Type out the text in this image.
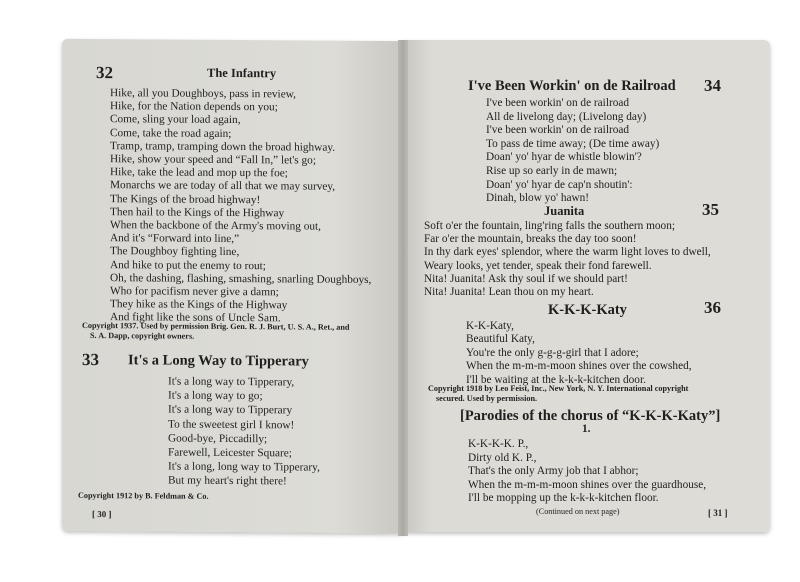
32	The Infantry
Hike, all you Doughboys, pass in review,
Hike, for the Nation depends on you;
Come, sling your load again,
Come, take the road again;
Tramp, tramp, tramping down the broad highway.
Hike, show your speed and “Fall In,” let's go;
Hike, take the lead and mop up the foe;
Monarchs we are today of all that we may survey,
The Kings of the broad highway!
Then hail to the Kings of the Highway
When the backbone of the Army's moving out,
And it's “Forward into line,”
The Doughboy fighting line,
And hike to put the enemy to rout;
Oh, the dashing, flashing, smashing, snarling Doughboys,
Who for pacifism never give a damn;
They hike as the Kings of the Highway
And fight like the sons of Uncle Sam.
Copyright 1937. Used by permission Brig. Gen. R. J. Burt, U. S. A., Ret., and
S. A. Dapp, copyright owners.
33 It's a Long Way to Tipperary
It's a long way to Tipperary,
It's a long way to go;
It's a long way to Tipperary
To the sweetest girl I know!
Good-bye, Piccadilly;
Farewell, Leicester Square;
It's a long, long way to Tipperary,
But my heart's right there!
Copyright 1912 by B. Feldman & Co.
[ 30 ]
I've Been Workin' on de Railroad 34
I've been workin' on de railroad
All de livelong day; (Livelong day)
I've been workin' on de railroad
To pass de time away; (De time away)
Doan' yo' hyar de whistle blowin'?
Rise up so early in de mawn;
Doan' yo' hyar de cap'n shoutin':
Dinah, blow yo' hawn!
Juanita	35
Soft o'er the fountain, ling'ring falls the southern moon;
Far o'er the mountain, breaks the day too soon!
In thy dark eyes' splendor, where the warm light loves to dwell,
Weary looks, yet tender, speak their fond farewell.
Nita! Juanita! Ask thy soul if we should part!
Nita! Juanita! Lean thou on my heart.
K-K-K-Katy	36
K-K-Katy,
Beautiful Katy,
You're the only g-g-g-girl that I adore;
When the m-m-m-moon shines over the cowshed,
I'll be waiting at the k-k-k-kitchen door.
Copyright 1918 by Leo Feist, Inc., New York, N. Y. International copyright
secured. Used by permission.
[Parodies of the chorus of “K-K-K-Katy”]
1.
K-K-K-K. P.,
Dirty old K. P.,
That's the only Army job that I abhor;
When the m-m-m-moon shines over the guardhouse,
I'll be mopping up the k-k-k-kitchen floor.
(Continued on next page)	[ 31 ]
